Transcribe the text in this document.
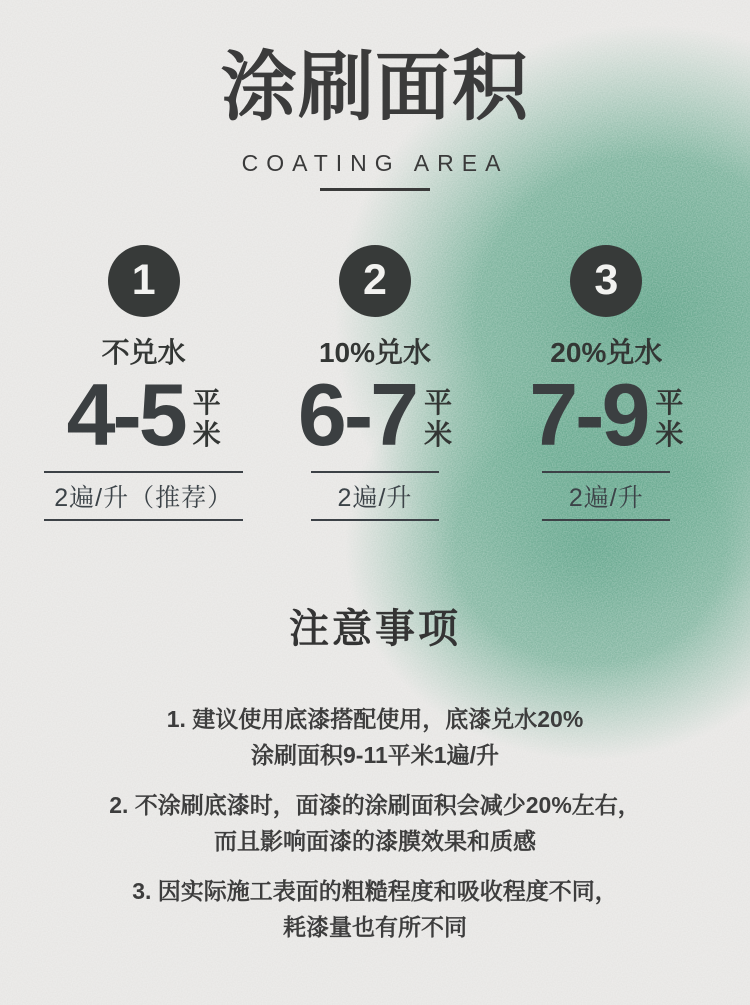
涂刷面积
COATING AREA
1
不兑水
4-5 平
米
2遍/升（推荐）
2
10%兑水
6-7 平
米
2遍/升
3
20%兑水
7-9 平
米
2遍/升
注意事项
1. 建议使用底漆搭配使用，底漆兑水20%
涂刷面积9-11平米1遍/升
2. 不涂刷底漆时，面漆的涂刷面积会减少20%左右，
而且影响面漆的漆膜效果和质感
3. 因实际施工表面的粗糙程度和吸收程度不同，
耗漆量也有所不同
